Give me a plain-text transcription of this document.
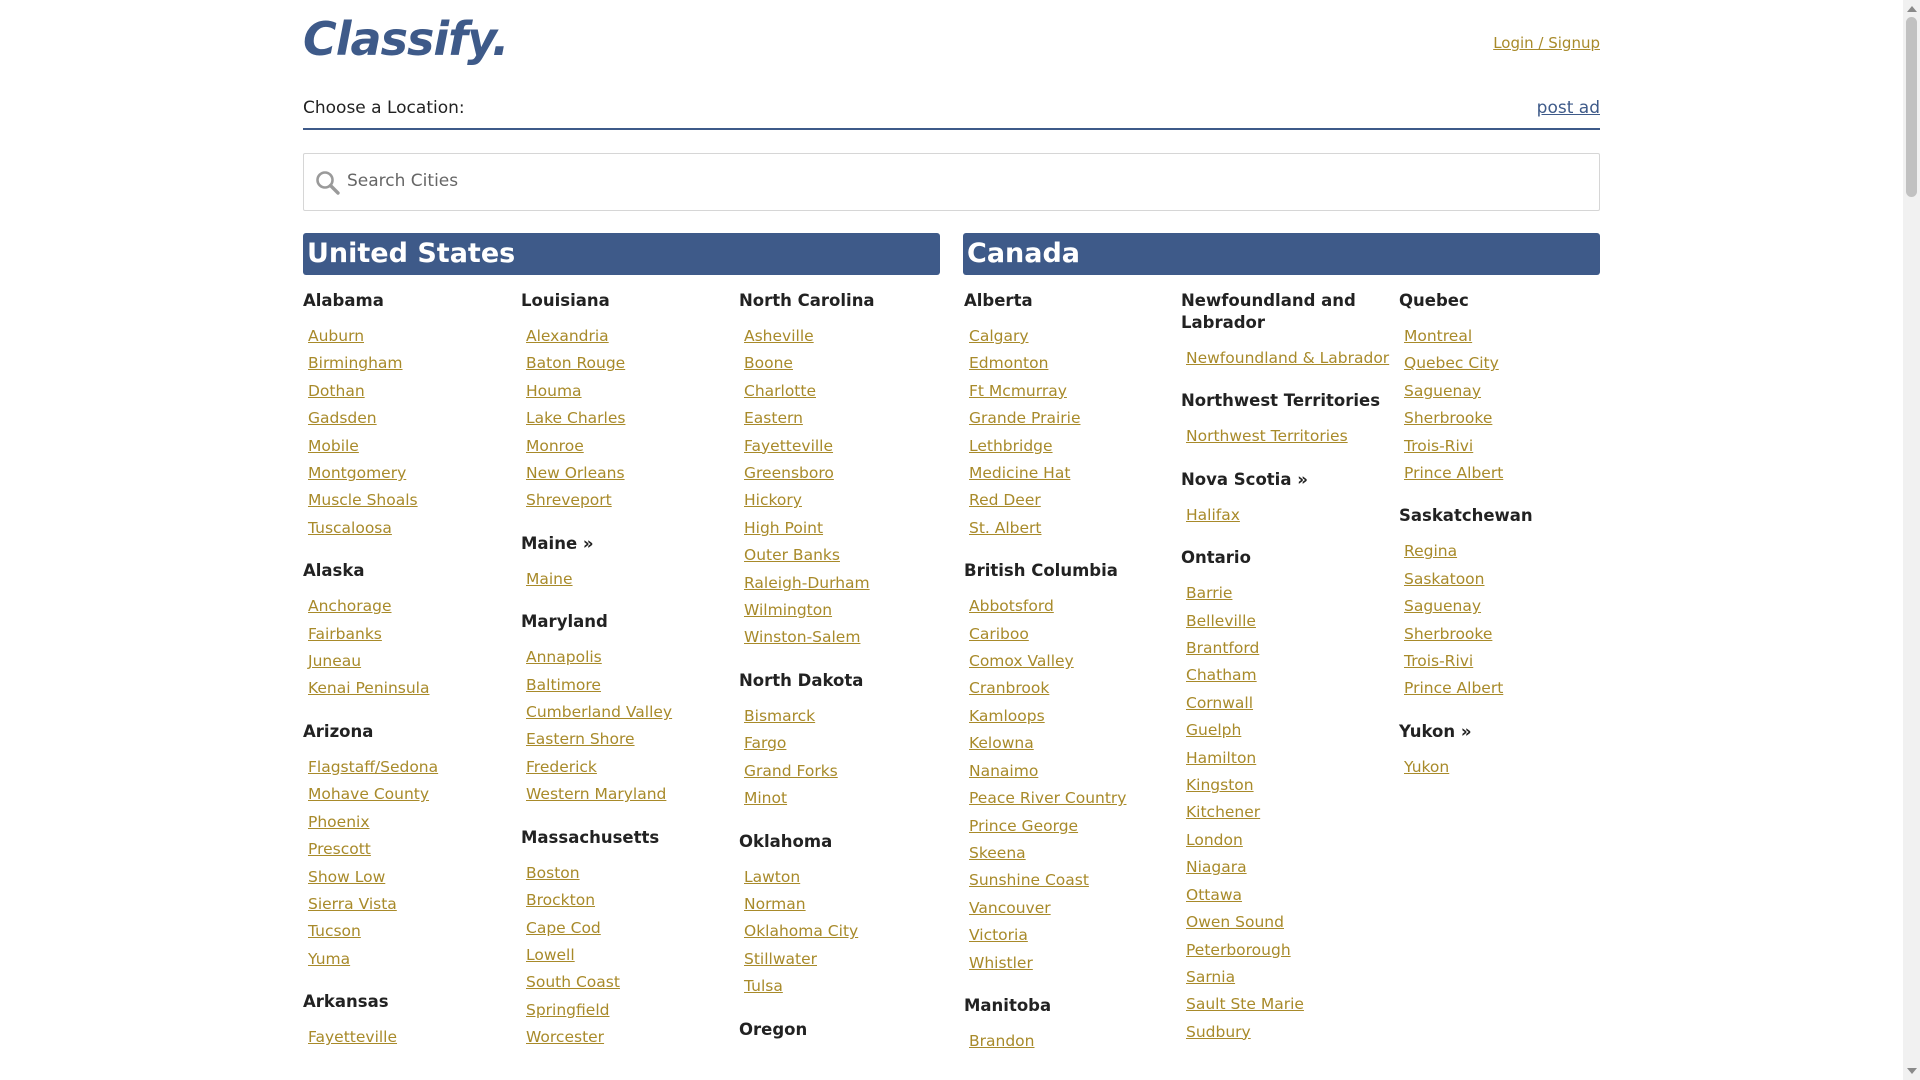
Classify.	Login / Signup
Choose a Location:	post ad
Search Cities
United States	Canada
Alabama
Auburn
Birmingham
Dothan
Gadsden
Mobile
Montgomery
Muscle Shoals
Tuscaloosa
Alaska
Anchorage
Fairbanks
Juneau
Kenai Peninsula
Arizona
Flagstaff/Sedona
Mohave County
Phoenix
Prescott
Show Low
Sierra Vista
Tucson
Yuma
Arkansas
Fayetteville
Louisiana
Alexandria
Baton Rouge
Houma
Lake Charles
Monroe
New Orleans
Shreveport
Maine »
Maine
Maryland
Annapolis
Baltimore
Cumberland Valley
Eastern Shore
Frederick
Western Maryland
Massachusetts
Boston
Brockton
Cape Cod
Lowell
South Coast
Springfield
Worcester
North Carolina
Asheville
Boone
Charlotte
Eastern
Fayetteville
Greensboro
Hickory
High Point
Outer Banks
Raleigh-Durham
Wilmington
Winston-Salem
North Dakota
Bismarck
Fargo
Grand Forks
Minot
Oklahoma
Lawton
Norman
Oklahoma City
Stillwater
Tulsa
Oregon
Alberta
Calgary
Edmonton
Ft Mcmurray
Grande Prairie
Lethbridge
Medicine Hat
Red Deer
St. Albert
British Columbia
Abbotsford
Cariboo
Comox Valley
Cranbrook
Kamloops
Kelowna
Nanaimo
Peace River Country
Prince George
Skeena
Sunshine Coast
Vancouver
Victoria
Whistler
Manitoba
Brandon
Newfoundland and Labrador
Newfoundland & Labrador
Northwest Territories
Northwest Territories
Nova Scotia »
Halifax
Ontario
Barrie
Belleville
Brantford
Chatham
Cornwall
Guelph
Hamilton
Kingston
Kitchener
London
Niagara
Ottawa
Owen Sound
Peterborough
Sarnia
Sault Ste Marie
Sudbury
Quebec
Montreal
Quebec City
Saguenay
Sherbrooke
Trois-Rivi
Prince Albert
Saskatchewan
Regina
Saskatoon
Saguenay
Sherbrooke
Trois-Rivi
Prince Albert
Yukon »
Yukon
